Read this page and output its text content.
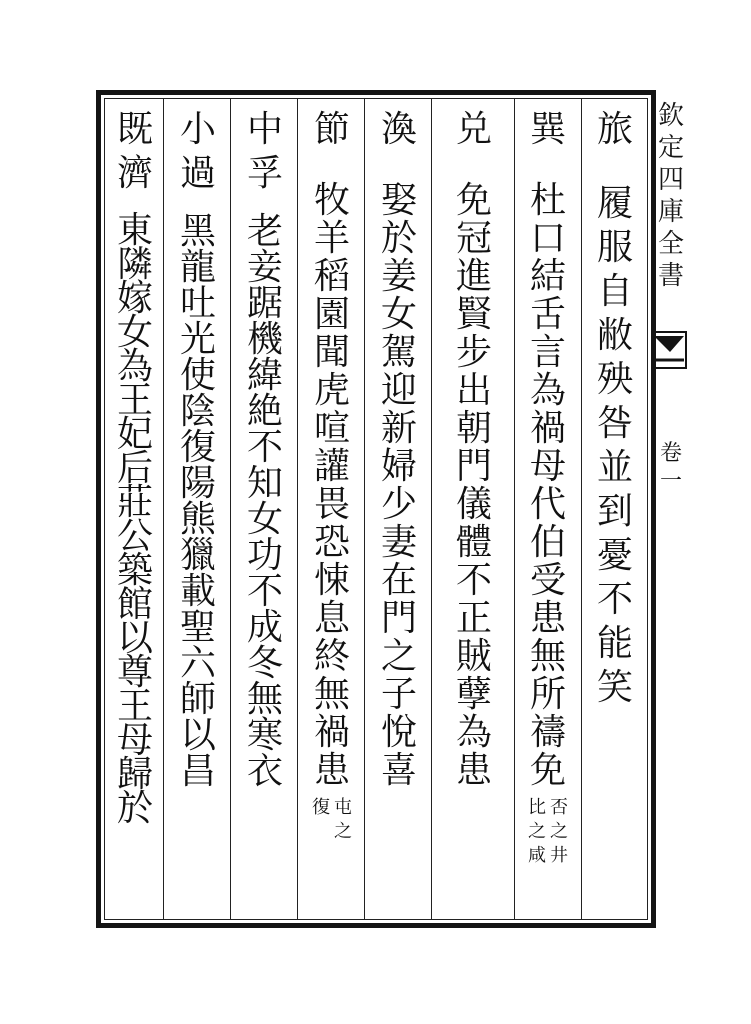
旅
履服自敝殃咎並到憂不能笑
巽
杜口結舌言為禍母代伯受患無所禱免
否之井
比之咸
兑
免冠進賢步出朝門儀體不正賊孽為患
渙
娶於姜女駕迎新婦少妻在門之子悅喜
節
牧羊稻園聞虎喧讙畏恐悚息終無禍患
屯之
復
中孚
老妾踞機緯絶不知女功不成冬無寒衣
小過
黑龍吐光使陰復陽熊獵載聖六師以昌
既濟
東隣嫁女為王妃后莊公築館以尊王母歸於
欽定四庫全書
卷一
